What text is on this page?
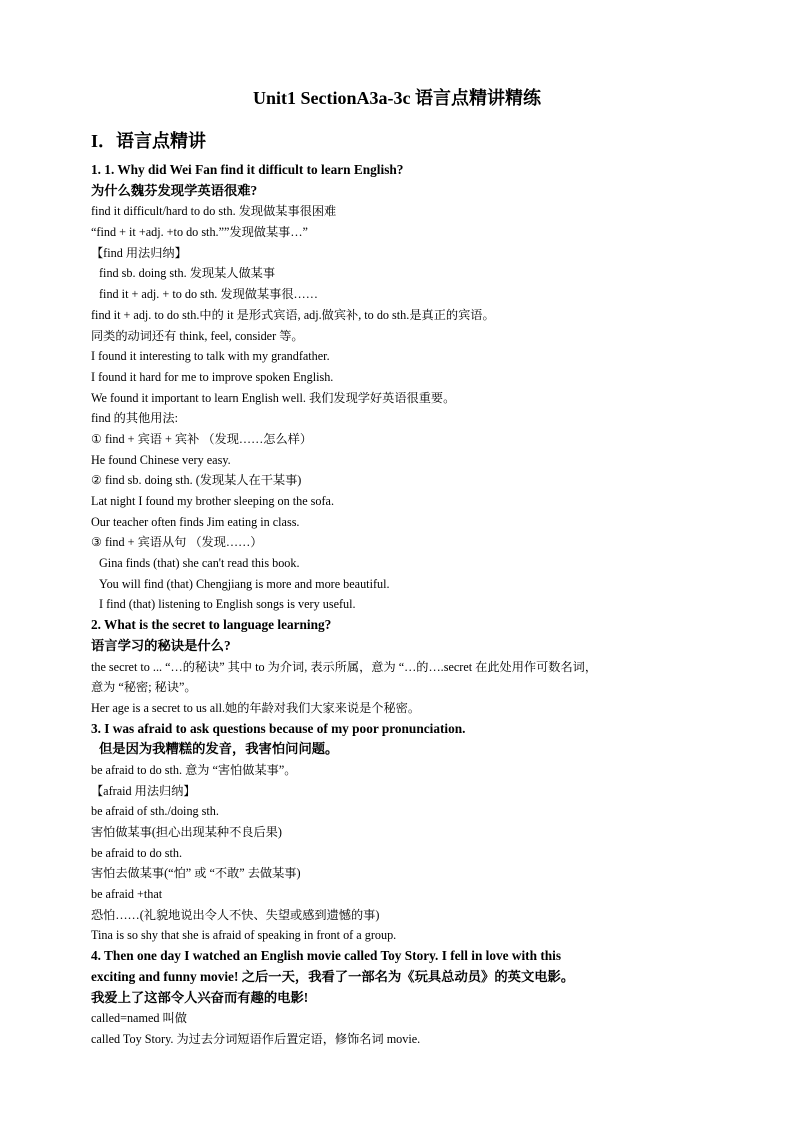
Unit1 SectionA3a-3c 语言点精讲精练
I．语言点精讲
1. 1. Why did Wei Fan find it difficult to learn English?
为什么魏芬发现学英语很难?
find it difficult/hard to do sth. 发现做某事很困难
“find + it +adj. +to do sth.””发现做某事…”
【find 用法归纳】
find sb. doing sth. 发现某人做某事
find it + adj. + to do sth. 发现做某事很……
find it + adj. to do sth.中的 it 是形式宾语, adj.做宾补, to do sth.是真正的宾语。
同类的动词还有 think, feel, consider 等。
I found it interesting to talk with my grandfather.
I found it hard for me to improve spoken English.
We found it important to learn English well. 我们发现学好英语很重要。
find 的其他用法:
① find + 宾语 + 宾补 （发现……怎么样）
He found Chinese very easy.
② find sb. doing sth. (发现某人在干某事)
Lat night I found my brother sleeping on the sofa.
Our teacher often finds Jim eating in class.
③ find + 宾语从句 （发现……）
Gina finds (that) she can't read this book.
You will find (that) Chengjiang is more and more beautiful.
I find (that) listening to English songs is very useful.
2. What is the secret to language learning?
语言学习的秘诀是什么?
the secret to ... “…的秘诀” 其中 to 为介词, 表示所属，意为 “…的….secret 在此处用作可数名词，
意为 “秘密; 秘诀”。
Her age is a secret to us all.她的年龄对我们大家来说是个秘密。
3. I was afraid to ask questions because of my poor pronunciation.
但是因为我糟糕的发音，我害怕问问题。
be afraid to do sth. 意为 “害怕做某事”。
【afraid 用法归纳】
be afraid of sth./doing sth.
害怕做某事(担心出现某种不良后果)
be afraid to do sth.
害怕去做某事(“怕” 或 “不敢” 去做某事)
be afraid +that
恐怕……(礼貌地说出令人不快、失望或感到遗憾的事)
Tina is so shy that she is afraid of speaking in front of a group.
4. Then one day I watched an English movie called Toy Story. I fell in love with this
exciting and funny movie! 之后一天，我看了一部名为《玩具总动员》的英文电影。
我爱上了这部令人兴奋而有趣的电影!
called=named 叫做
called Toy Story. 为过去分词短语作后置定语，修饰名词 movie.
